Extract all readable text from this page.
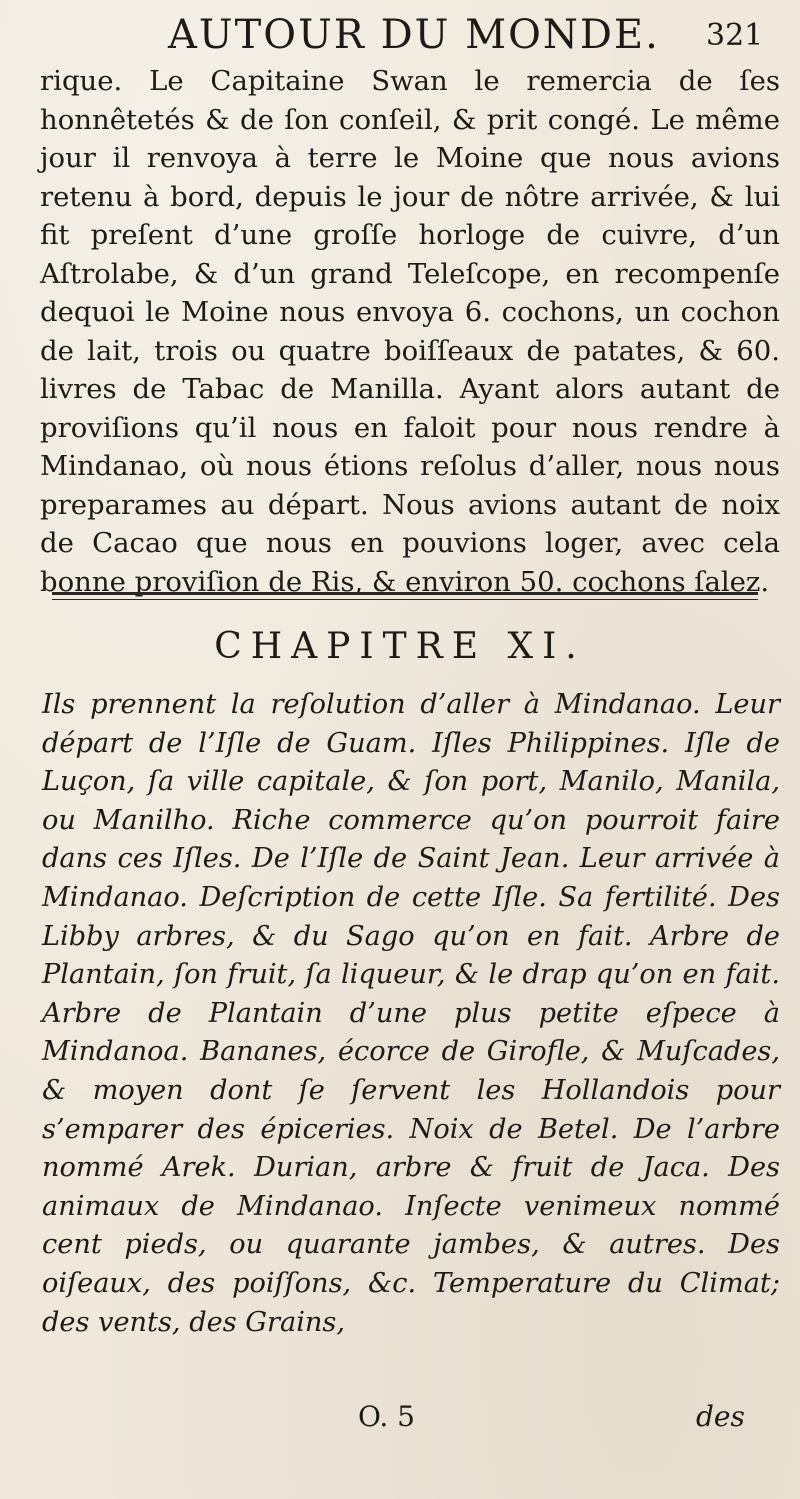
AUTOUR DU MONDE. 321

rique. Le Capitaine Swan le remercia de ſes honnêtetés & de ſon conſeil, & prit congé. Le même jour il renvoya à terre le Moine que nous avions retenu à bord, depuis le jour de nôtre arrivée, & lui fit preſent d’une groſſe horloge de cuivre, d’un Aſtrolabe, & d’un grand Teleſcope, en recompenſe dequoi le Moine nous envoya 6. cochons, un cochon de lait, trois ou quatre boiſſeaux de patates, & 60. livres de Tabac de Manilla. Ayant alors autant de proviſions qu’il nous en faloit pour nous rendre à Mindanao, où nous étions reſolus d’aller, nous nous preparames au départ. Nous avions autant de noix de Cacao que nous en pouvions loger, avec cela bonne proviſion de Ris, & environ 50. cochons ſalez.

CHAPITRE XI.

Ils prennent la reſolution d’aller à Mindanao. Leur départ de l’Iſle de Guam. Iſles Philippines. Iſle de Luçon, ſa ville capitale, & ſon port, Manilo, Manila, ou Manilho. Riche commerce qu’on pourroit faire dans ces Iſles. De l’Iſle de Saint Jean. Leur arrivée à Mindanao. Deſcription de cette Iſle. Sa fertilité. Des Libby arbres, & du Sago qu’on en fait. Arbre de Plantain, ſon fruit, ſa liqueur, & le drap qu’on en fait. Arbre de Plantain d’une plus petite eſpece à Mindanoa. Bananes, écorce de Girofle, & Muſcades, & moyen dont ſe ſervent les Hollandois pour s’emparer des épiceries. Noix de Betel. De l’arbre nommé Arek. Durian, arbre & fruit de Jaca. Des animaux de Mindanao. Inſecte venimeux nommé cent pieds, ou quarante jambes, & autres. Des oiſeaux, des poiſſons, &c. Temperature du Climat; des vents, des Grains,

O. 5	des
